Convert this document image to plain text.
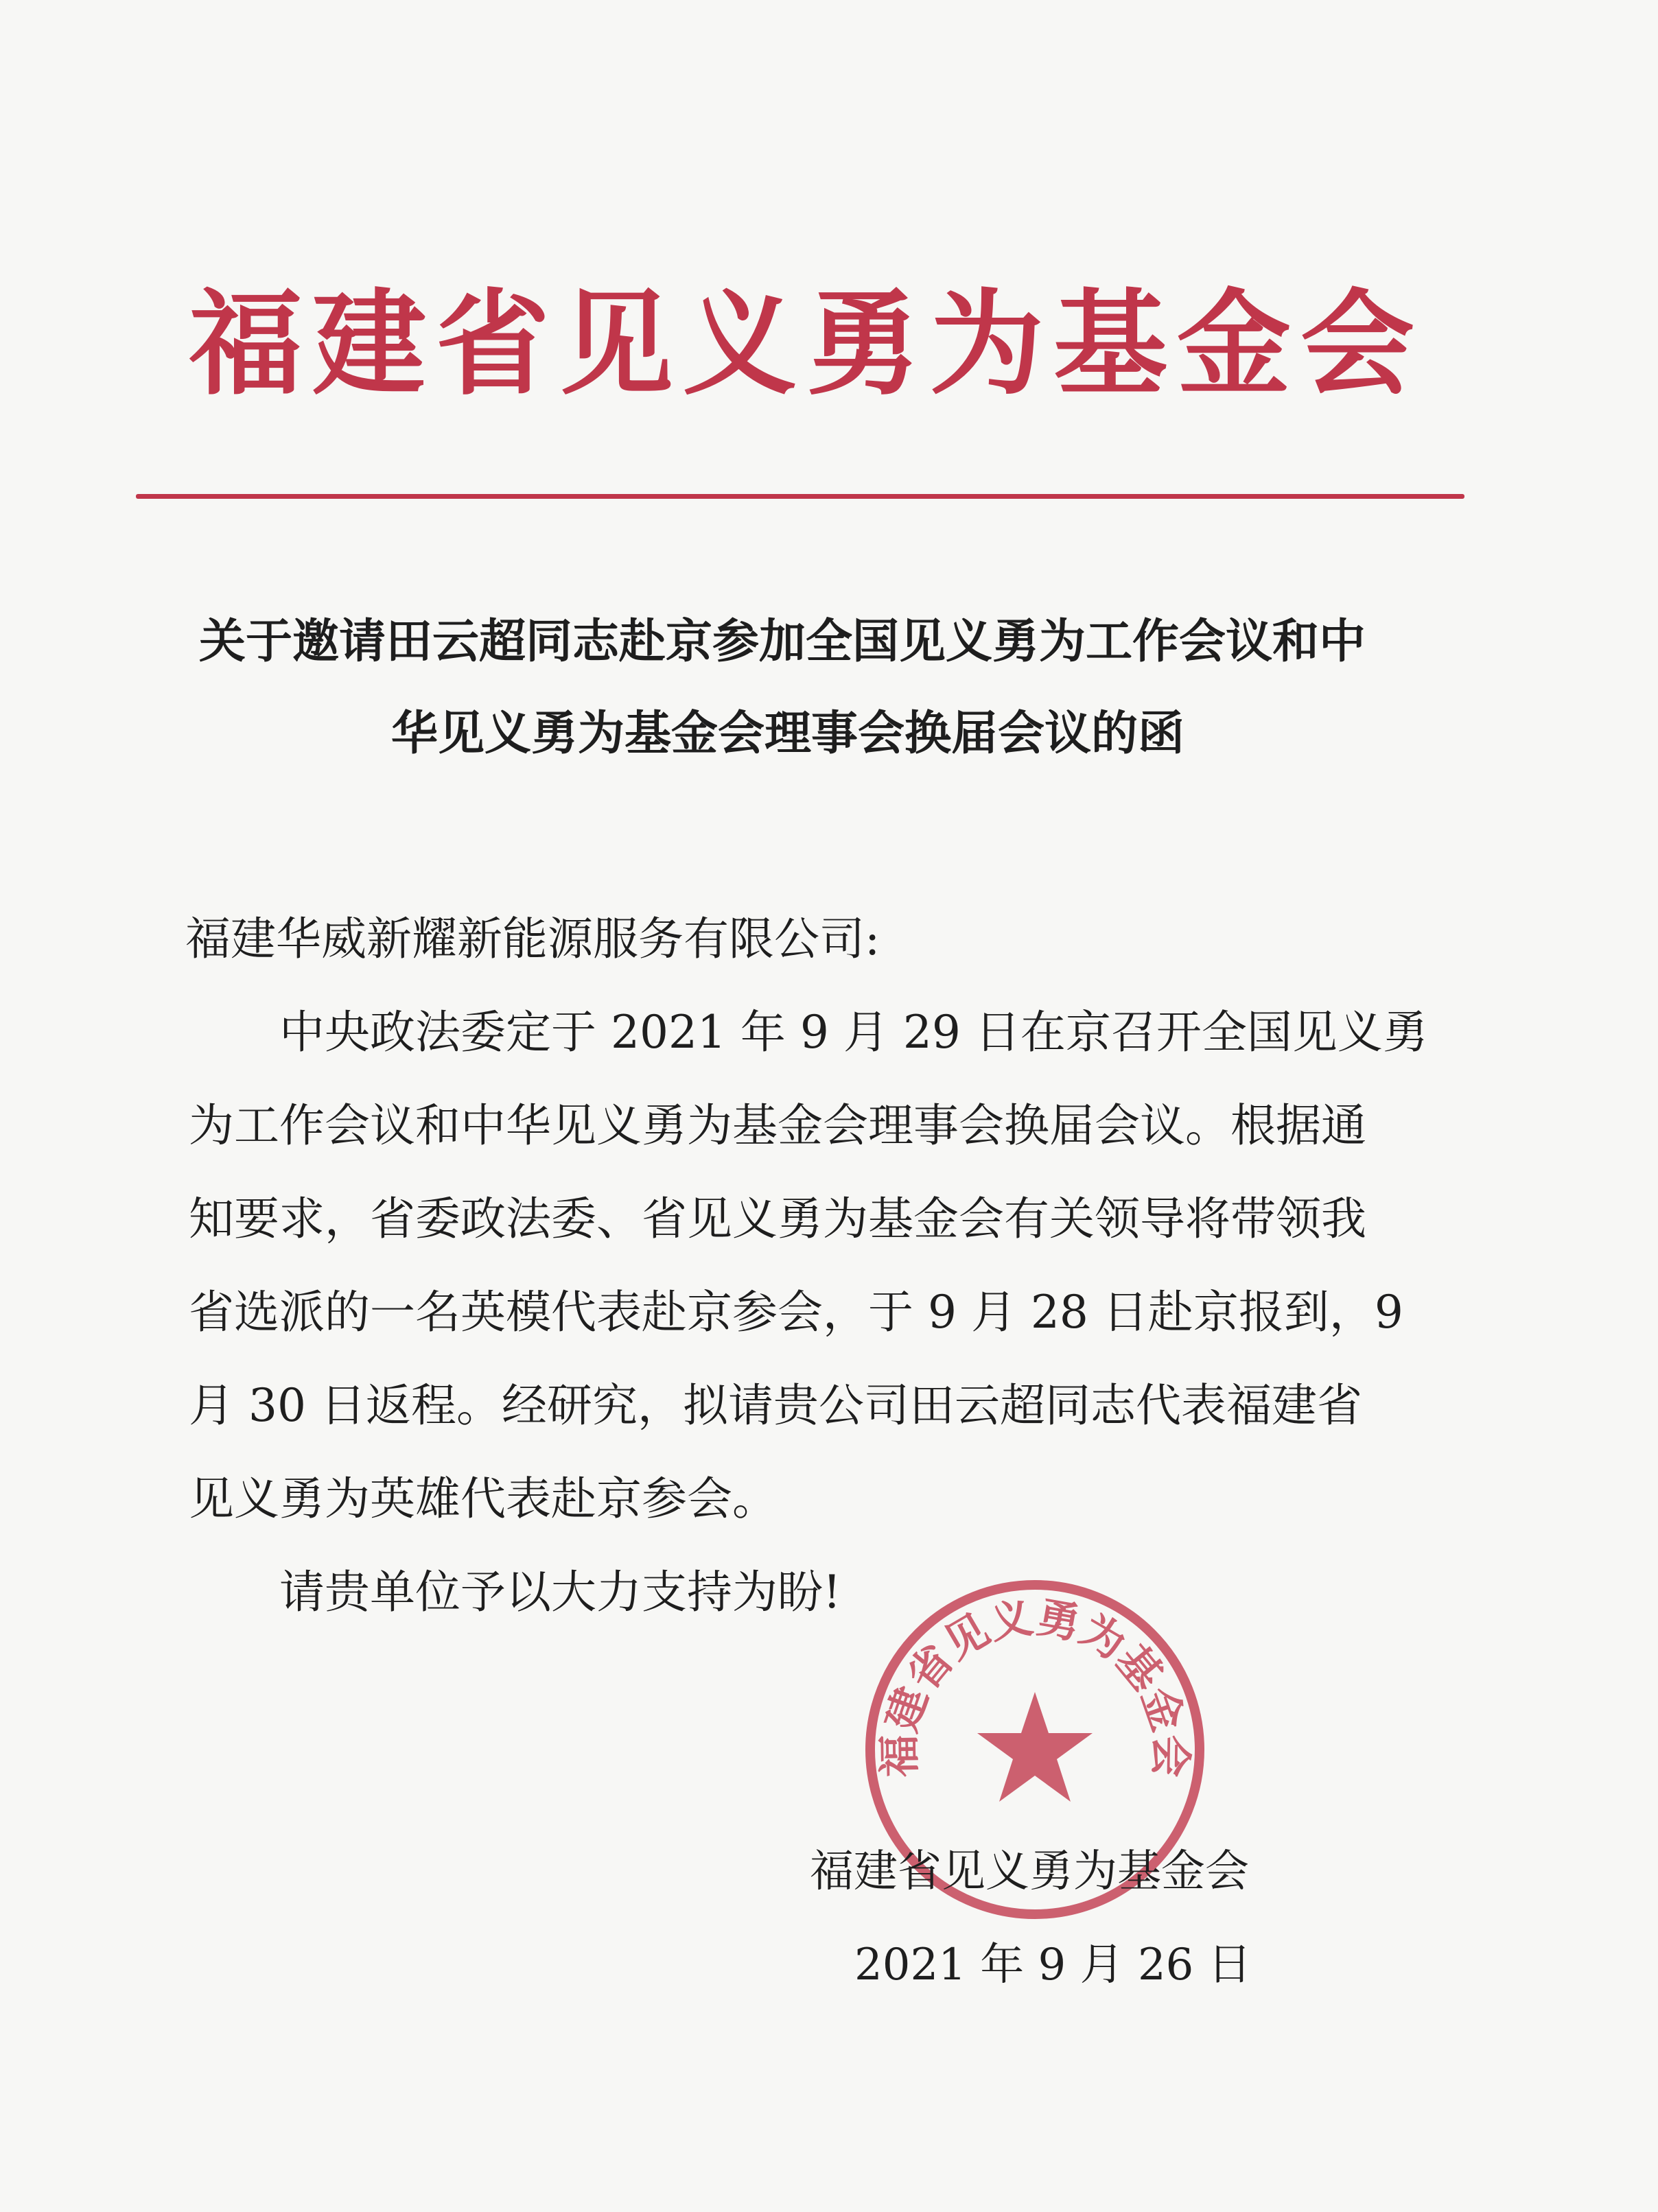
福建省见义勇为基金会
关于邀请田云超同志赴京参加全国见义勇为工作会议和中
华见义勇为基金会理事会换届会议的函
福建华威新耀新能源服务有限公司:
　　中央政法委定于 2021 年 9 月 29 日在京召开全国见义勇
为工作会议和中华见义勇为基金会理事会换届会议。根据通
知要求，省委政法委、省见义勇为基金会有关领导将带领我
省选派的一名英模代表赴京参会，于 9 月 28 日赴京报到，9
月 30 日返程。经研究，拟请贵公司田云超同志代表福建省
见义勇为英雄代表赴京参会。
　　请贵单位予以大力支持为盼!
福建省见义勇为基金会
福建省见义勇为基金会
2021 年 9 月 26 日
